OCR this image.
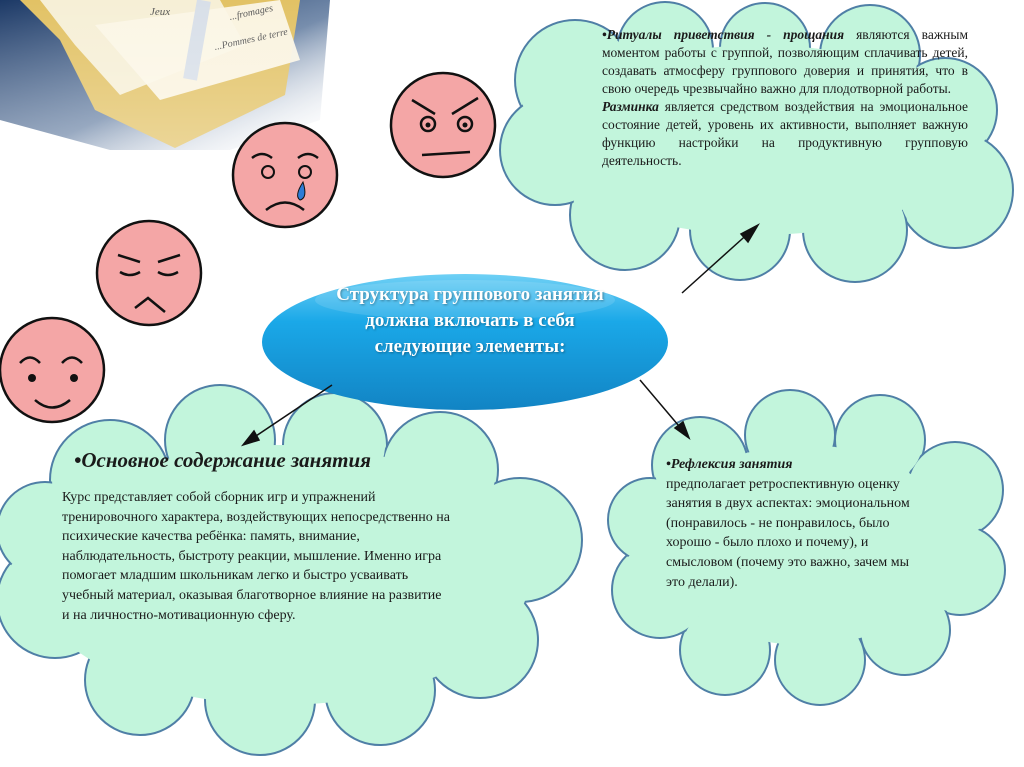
Jeux	...fromages
...Pommes de terre
Структура группового занятия
должна включать в себя
следующие элементы:
•Ритуалы приветствия - прощания являются важным моментом работы с группой, позволяющим сплачивать детей, создавать атмосферу группового доверия и принятия, что в свою очередь чрезвычайно важно для плодотворной работы.
Разминка является средством воздействия на эмоциональное состояние детей, уровень их активности, выполняет важную функцию настройки на продуктивную групповую деятельность.
•Основное содержание занятия
Курс представляет собой сборник игр и упражнений тренировочного характера, воздействующих непосредственно на психические качества ребёнка: память, внимание, наблюдательность, быстроту реакции, мышление. Именно игра помогает младшим школьникам легко и быстро усваивать учебный материал, оказывая благотворное влияние на развитие и на личностно-мотивационную сферу.
•Рефлексия занятия
предполагает ретроспективную оценку занятия в двух аспектах: эмоциональном (понравилось - не понравилось, было хорошо - было плохо и почему), и смысловом (почему это важно, зачем мы это делали).
